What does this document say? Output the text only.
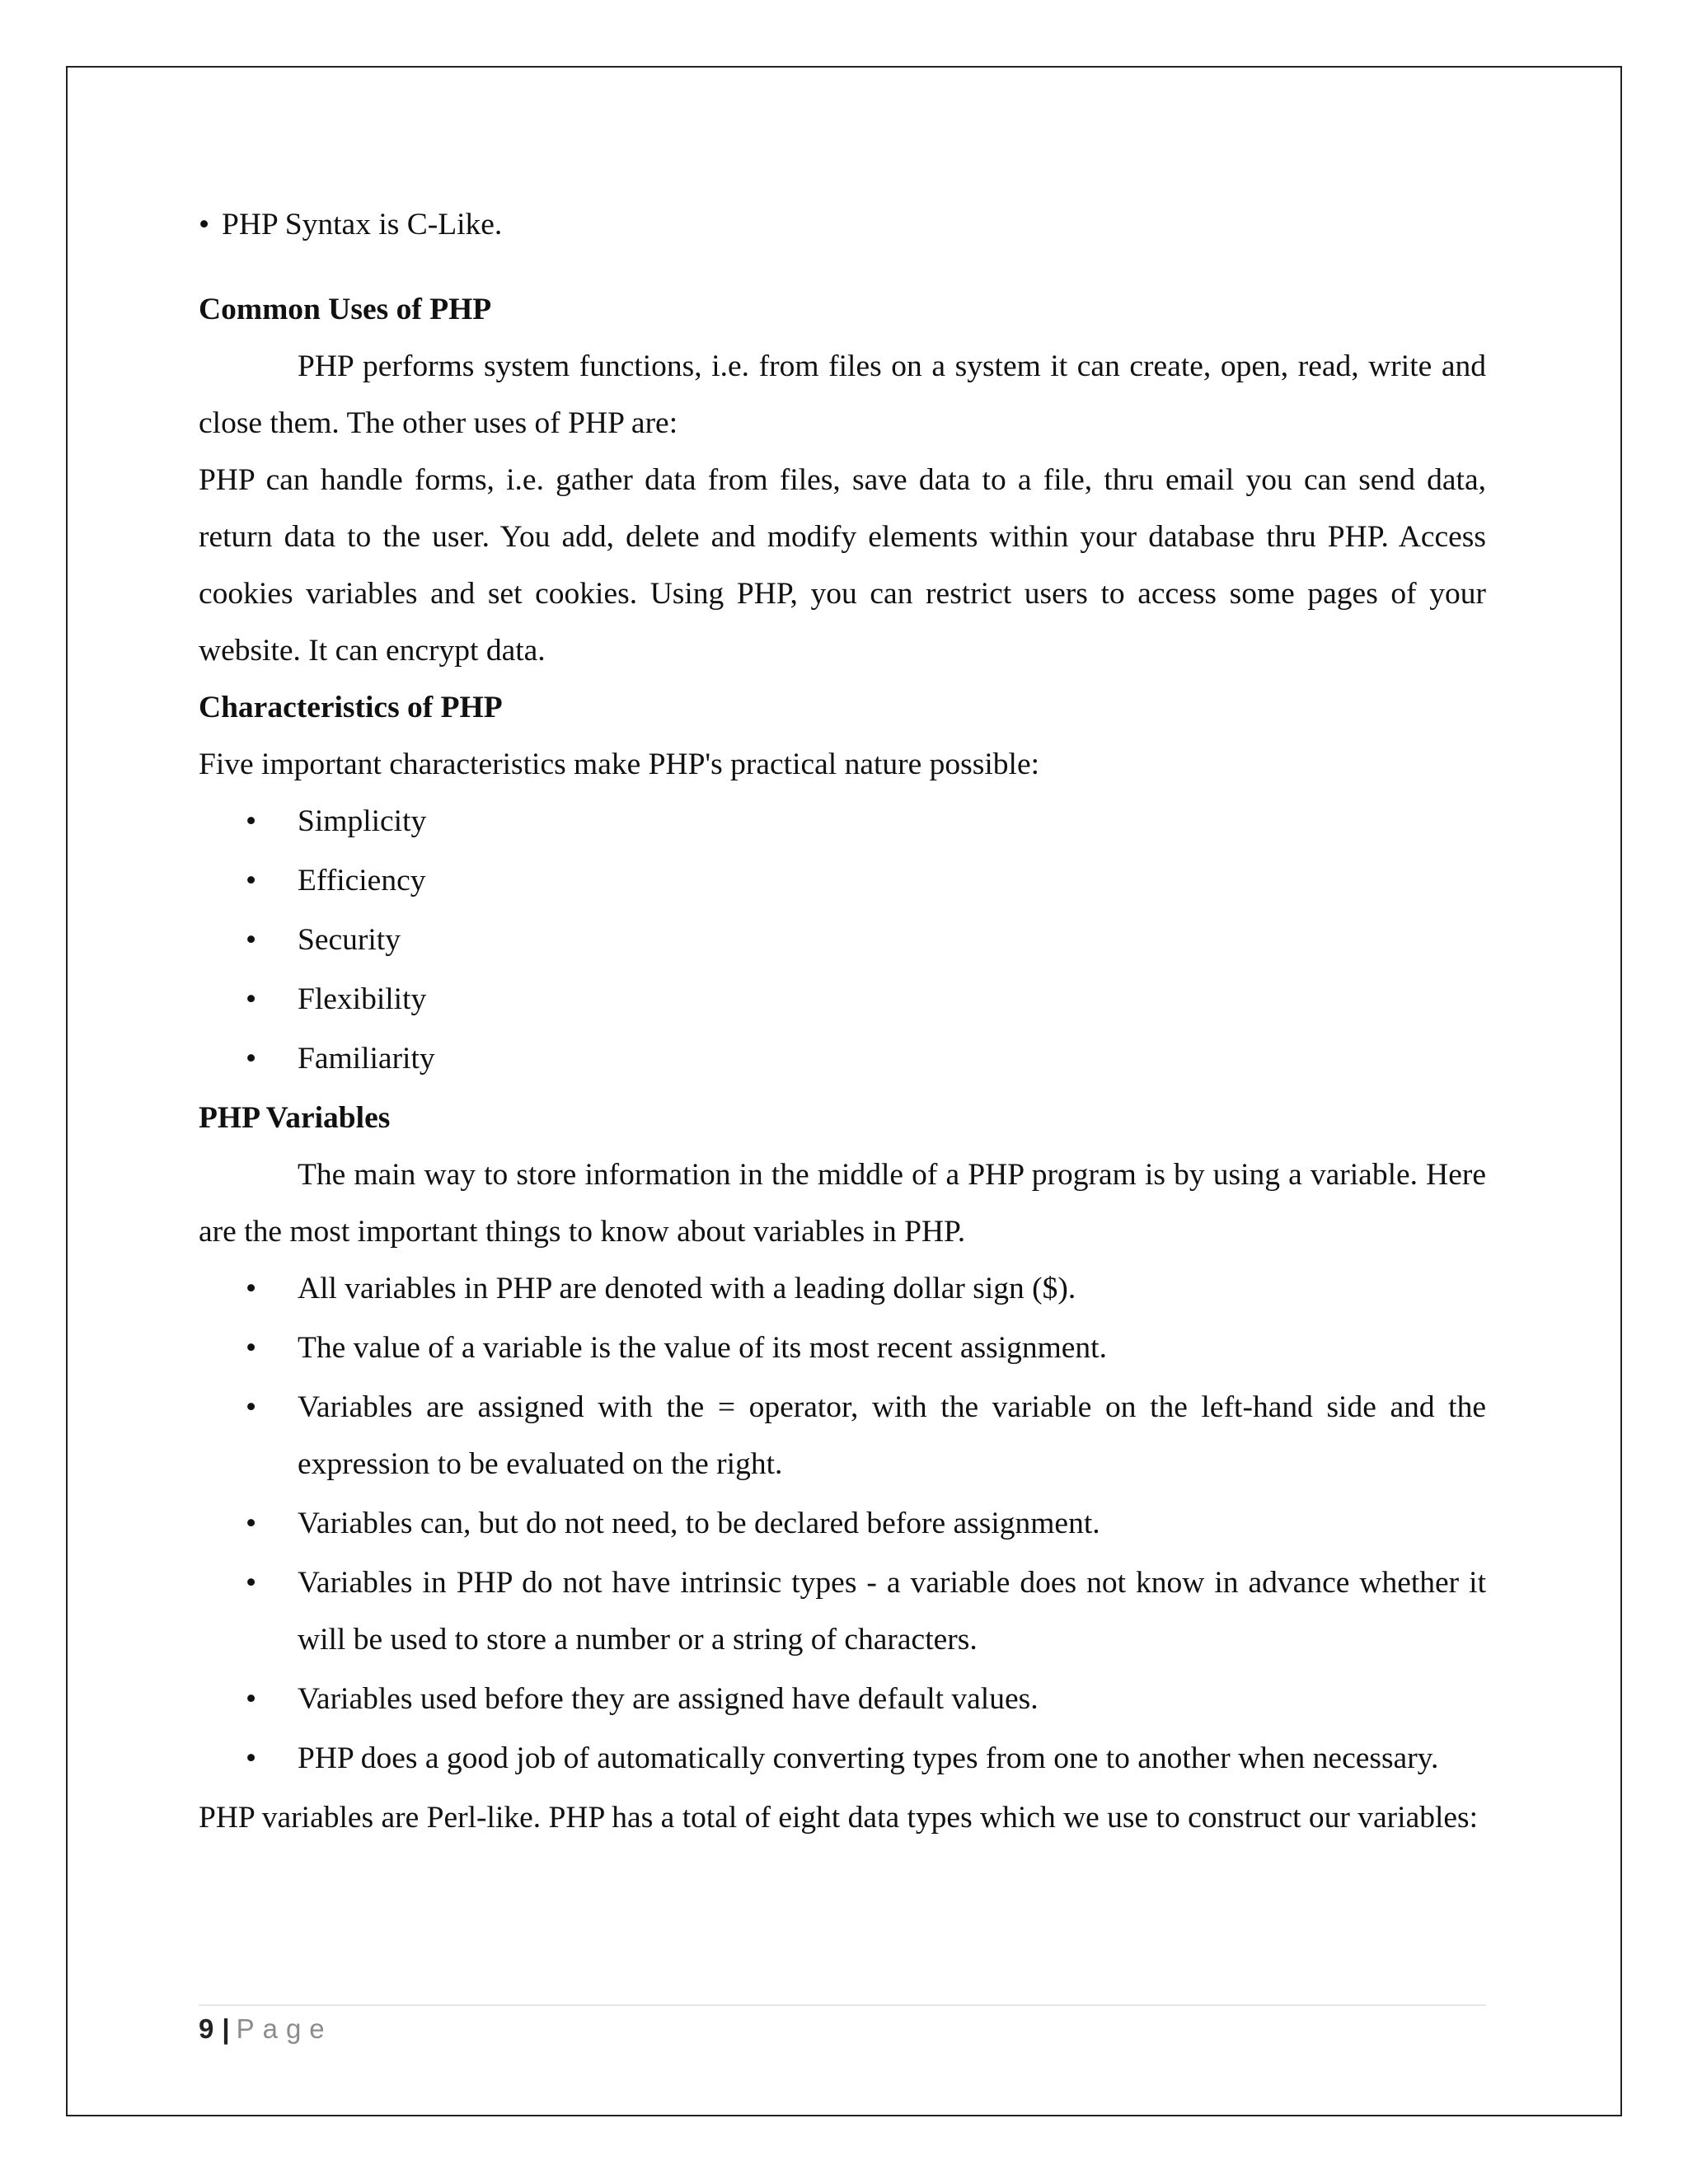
• PHP Syntax is C-Like.

Common Uses of PHP

PHP performs system functions, i.e. from files on a system it can create, open, read, write and close them. The other uses of PHP are:

PHP can handle forms, i.e. gather data from files, save data to a file, thru email you can send data, return data to the user. You add, delete and modify elements within your database thru PHP. Access cookies variables and set cookies. Using PHP, you can restrict users to access some pages of your website. It can encrypt data.

Characteristics of PHP

Five important characteristics make PHP's practical nature possible:

• Simplicity
• Efficiency
• Security
• Flexibility
• Familiarity

PHP Variables

The main way to store information in the middle of a PHP program is by using a variable. Here are the most important things to know about variables in PHP.

• All variables in PHP are denoted with a leading dollar sign ($).
• The value of a variable is the value of its most recent assignment.
• Variables are assigned with the = operator, with the variable on the left-hand side and the expression to be evaluated on the right.
• Variables can, but do not need, to be declared before assignment.
• Variables in PHP do not have intrinsic types - a variable does not know in advance whether it will be used to store a number or a string of characters.
• Variables used before they are assigned have default values.
• PHP does a good job of automatically converting types from one to another when necessary.

PHP variables are Perl-like. PHP has a total of eight data types which we use to construct our variables:

9 | Page
